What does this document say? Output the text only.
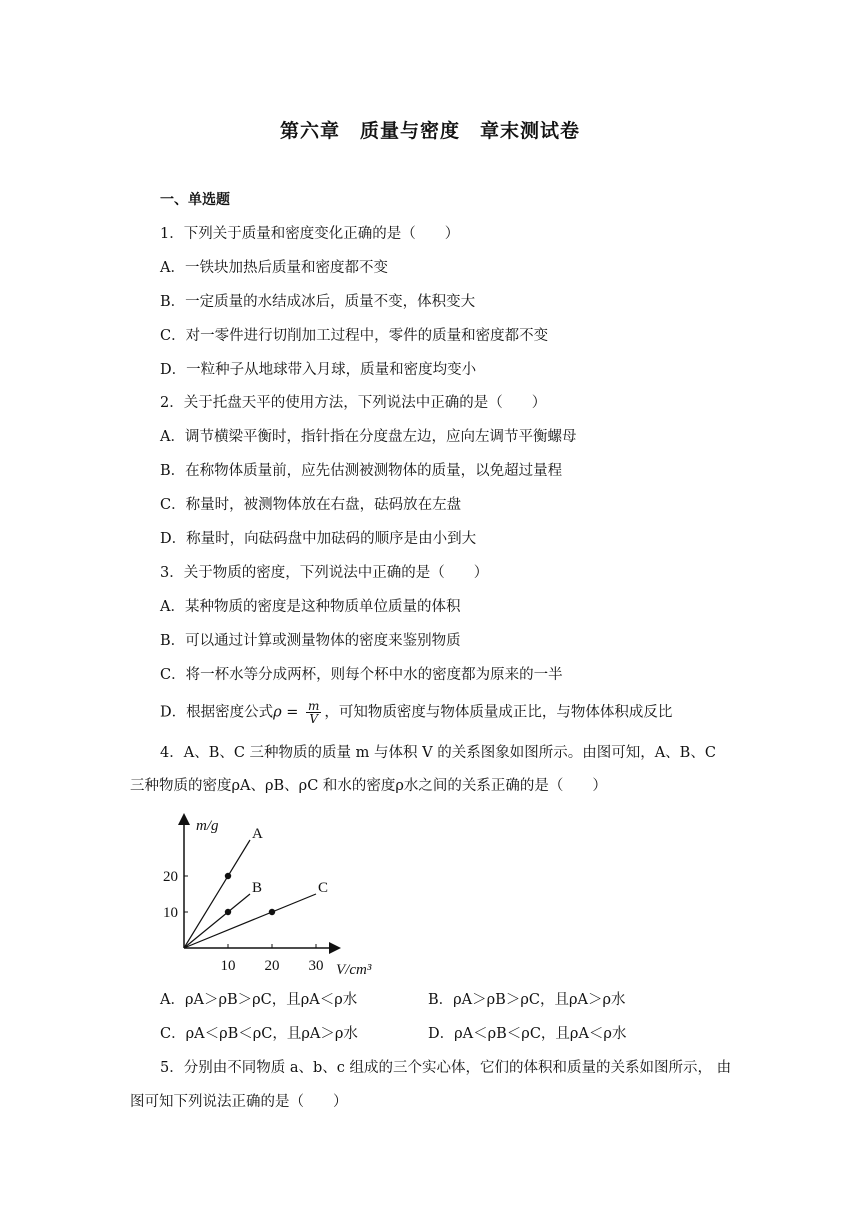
第六章　质量与密度　章末测试卷
一、单选题
1．下列关于质量和密度变化正确的是（　　）
A．一铁块加热后质量和密度都不变
B．一定质量的水结成冰后，质量不变，体积变大
C．对一零件进行切削加工过程中，零件的质量和密度都不变
D．一粒种子从地球带入月球，质量和密度均变小
2．关于托盘天平的使用方法，下列说法中正确的是（　　）
A．调节横梁平衡时，指针指在分度盘左边，应向左调节平衡螺母
B．在称物体质量前，应先估测被测物体的质量，以免超过量程
C．称量时，被测物体放在右盘，砝码放在左盘
D．称量时，向砝码盘中加砝码的顺序是由小到大
3．关于物质的密度，下列说法中正确的是（　　）
A．某种物质的密度是这种物质单位质量的体积
B．可以通过计算或测量物体的密度来鉴别物质
C．将一杯水等分成两杯，则每个杯中水的密度都为原来的一半
D．根据密度公式$\rho = \frac{m}{V}$ ，可知物质密度与物体质量成正比，与物体体积成反比
4．A、B、C 三种物质的质量 m 与体积 V 的关系图象如图所示。由图可知，A、B、C
三种物质的密度ρA、ρB、ρC 和水的密度ρ水之间的关系正确的是（　　）
10 20 30
10
20
A
B	C
m/g
V/cm³
A．ρA＞ρB＞ρC，且ρA＜ρ水	B．ρA＞ρB＞ρC，且ρA＞ρ水
C．ρA＜ρB＜ρC，且ρA＞ρ水	D．ρA＜ρB＜ρC，且ρA＜ρ水
5．分别由不同物质 a、b、c 组成的三个实心体，它们的体积和质量的关系如图所示， 由
图可知下列说法正确的是（　　）
